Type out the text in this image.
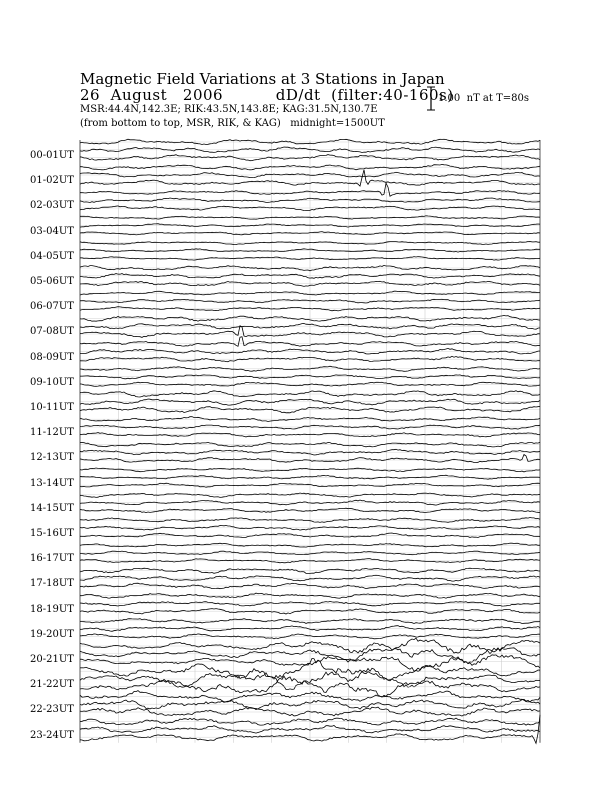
Magnetic Field Variations at 3 Stations in Japan
26  August   2006          dD/dt  (filter:40-160s)
MSR:44.4N,142.3E; RIK:43.5N,143.8E; KAG:31.5N,130.7E
(from bottom to top, MSR, RIK, & KAG)   midnight=1500UT
1.00  nT at T=80s
00-01UT
01-02UT
02-03UT
03-04UT
04-05UT
05-06UT
06-07UT
07-08UT
08-09UT
09-10UT
10-11UT
11-12UT
12-13UT
13-14UT
14-15UT
15-16UT
16-17UT
17-18UT
18-19UT
19-20UT
20-21UT
21-22UT
22-23UT
23-24UT
